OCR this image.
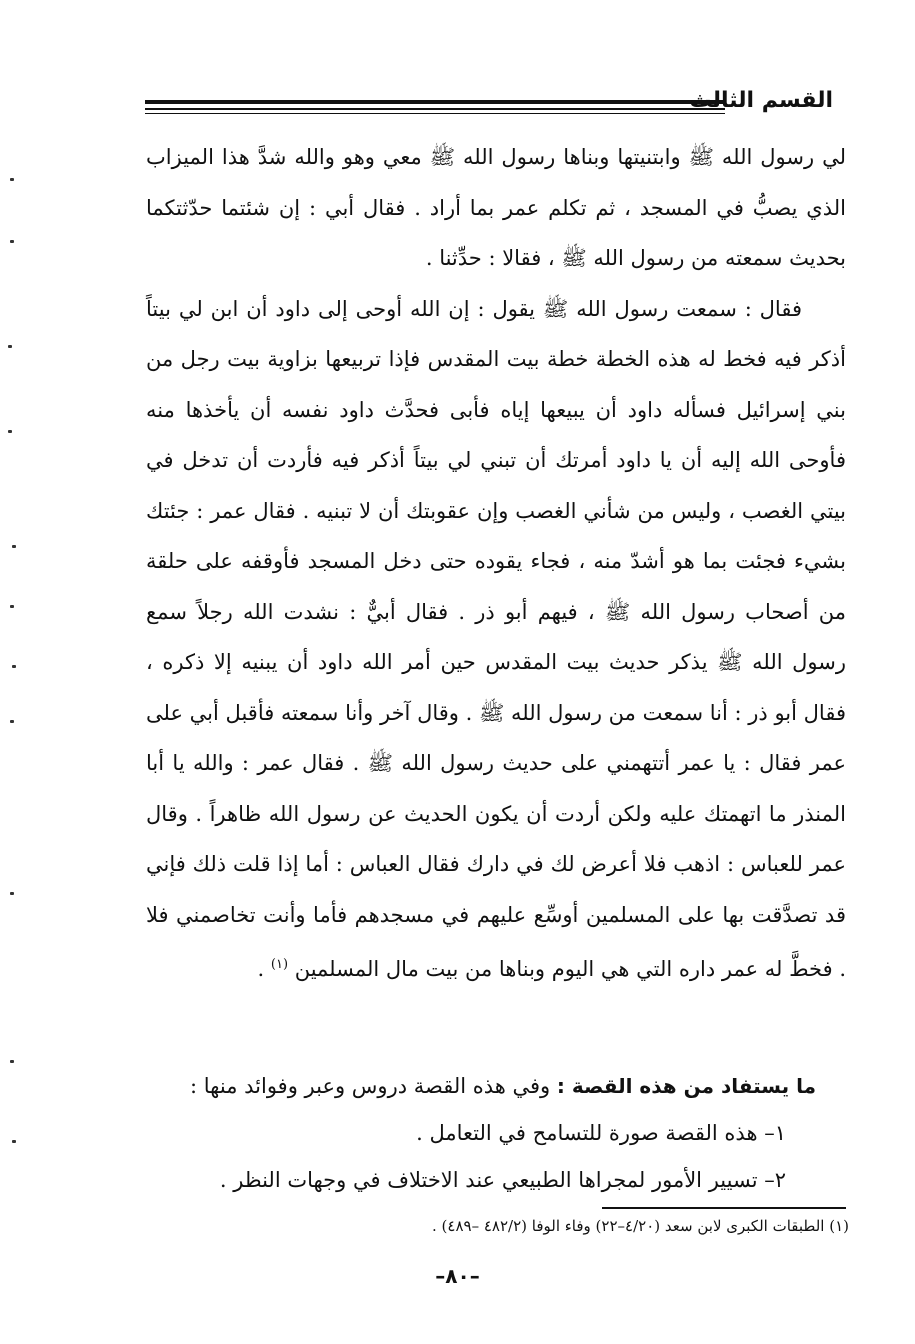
القسم الثالث

لي رسول الله ﷺ وابتنيتها وبناها رسول الله ﷺ معي وهو والله شدَّ هذا الميزاب الذي يصبُّ في المسجد ، ثم تكلم عمر بما أراد . فقال أبي : إن شئتما حدّثتكما بحديث سمعته من رسول الله ﷺ ، فقالا : حدِّثنا .

فقال : سمعت رسول الله ﷺ يقول : إن الله أوحى إلى داود أن ابن لي بيتاً أذكر فيه فخط له هذه الخطة خطة بيت المقدس فإذا تربيعها بزاوية بيت رجل من بني إسرائيل فسأله داود أن يبيعها إياه فأبى فحدَّث داود نفسه أن يأخذها منه فأوحى الله إليه أن يا داود أمرتك أن تبني لي بيتاً أذكر فيه فأردت أن تدخل في بيتي الغصب ، وليس من شأني الغصب وإن عقوبتك أن لا تبنيه . فقال عمر : جئتك بشيء فجئت بما هو أشدّ منه ، فجاء يقوده حتى دخل المسجد فأوقفه على حلقة من أصحاب رسول الله ﷺ ، فيهم أبو ذر . فقال أبيٌّ : نشدت الله رجلاً سمع رسول الله ﷺ يذكر حديث بيت المقدس حين أمر الله داود أن يبنيه إلا ذكره ، فقال أبو ذر : أنا سمعت من رسول الله ﷺ . وقال آخر وأنا سمعته فأقبل أبي على عمر فقال : يا عمر أتتهمني على حديث رسول الله ﷺ . فقال عمر : والله يا أبا المنذر ما اتهمتك عليه ولكن أردت أن يكون الحديث عن رسول الله ظاهراً . وقال عمر للعباس : اذهب فلا أعرض لك في دارك فقال العباس : أما إذا قلت ذلك فإني قد تصدَّقت بها على المسلمين أوسِّع عليهم في مسجدهم فأما وأنت تخاصمني فلا . فخطَّ له عمر داره التي هي اليوم وبناها من بيت مال المسلمين $^{(١)}$ .

ما يستفاد من هذه القصة : وفي هذه القصة دروس وعبر وفوائد منها :
١– هذه القصة صورة للتسامح في التعامل .
٢– تسيير الأمور لمجراها الطبيعي عند الاختلاف في وجهات النظر .
(١) الطبقات الكبرى لابن سعد (٤/٢٠–٢٢) وفاء الوفا (٤٨٢/٢ –٤٨٩) .
–٨٠–
